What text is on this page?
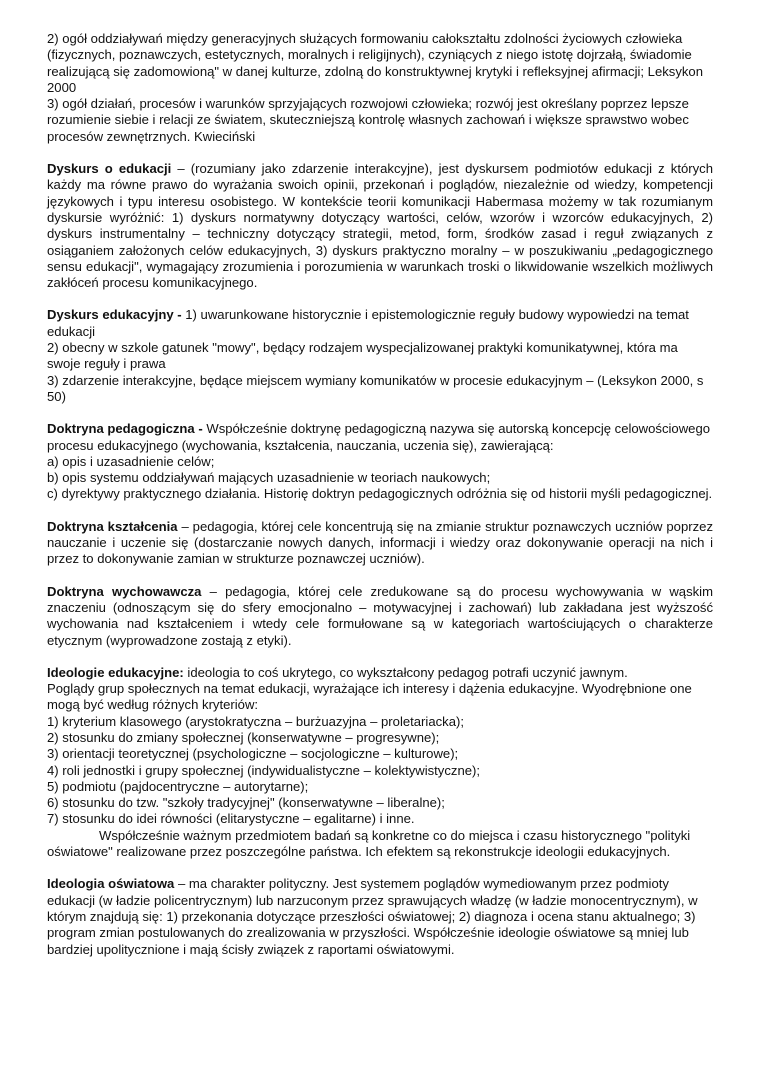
2) ogół oddziaływań między generacyjnych służących formowaniu całokształtu zdolności życiowych człowieka (fizycznych, poznawczych, estetycznych, moralnych i religijnych), czyniących z niego istotę dojrzałą, świadomie realizującą się zadomowioną" w danej kulturze, zdolną do konstruktywnej krytyki i refleksyjnej afirmacji; Leksykon 2000

3) ogół działań, procesów i warunków sprzyjających rozwojowi człowieka; rozwój jest określany poprzez lepsze rozumienie siebie i relacji ze światem, skuteczniejszą kontrolę własnych zachowań i większe sprawstwo wobec procesów zewnętrznych. Kwieciński

Dyskurs o edukacji – (rozumiany jako zdarzenie interakcyjne), jest dyskursem podmiotów edukacji z których każdy ma równe prawo do wyrażania swoich opinii, przekonań i poglądów, niezależnie od wiedzy, kompetencji językowych i typu interesu osobistego. W kontekście teorii komunikacji Habermasa możemy w tak rozumianym dyskursie wyróżnić: 1) dyskurs normatywny dotyczący wartości, celów, wzorów i wzorców edukacyjnych, 2) dyskurs instrumentalny – techniczny dotyczący strategii, metod, form, środków zasad i reguł związanych z osiąganiem założonych celów edukacyjnych, 3) dyskurs praktyczno moralny – w poszukiwaniu „pedagogicznego sensu edukacji", wymagający zrozumienia i porozumienia w warunkach troski o likwidowanie wszelkich możliwych zakłóceń procesu komunikacyjnego.

Dyskurs edukacyjny - 1) uwarunkowane historycznie i epistemologicznie reguły budowy wypowiedzi na temat edukacji

2) obecny w szkole gatunek "mowy", będący rodzajem wyspecjalizowanej praktyki komunikatywnej, która ma swoje reguły i prawa

3) zdarzenie interakcyjne, będące miejscem wymiany komunikatów w procesie edukacyjnym – (Leksykon 2000, s 50)

Doktryna pedagogiczna - Współcześnie doktrynę pedagogiczną nazywa się autorską koncepcję celowościowego procesu edukacyjnego (wychowania, kształcenia, nauczania, uczenia się), zawierającą:

a) opis i uzasadnienie celów;

b) opis systemu oddziaływań mających uzasadnienie w teoriach naukowych;

c) dyrektywy praktycznego działania. Historię doktryn pedagogicznych odróżnia się od historii myśli pedagogicznej.

Doktryna kształcenia – pedagogia, której cele koncentrują się na zmianie struktur poznawczych uczniów poprzez nauczanie i uczenie się (dostarczanie nowych danych, informacji i wiedzy oraz dokonywanie operacji na nich i przez to dokonywanie zamian w strukturze poznawczej uczniów).

Doktryna wychowawcza – pedagogia, której cele zredukowane są do procesu wychowywania w wąskim znaczeniu (odnoszącym się do sfery emocjonalno – motywacyjnej i zachowań) lub zakładana jest wyższość wychowania nad kształceniem i wtedy cele formułowane są w kategoriach wartościujących o charakterze etycznym (wyprowadzone zostają z etyki).

Ideologie edukacyjne: ideologia to coś ukrytego, co wykształcony pedagog potrafi uczynić jawnym.

Poglądy grup społecznych na temat edukacji, wyrażające ich interesy i dążenia edukacyjne. Wyodrębnione one mogą być według różnych kryteriów:

1) kryterium klasowego (arystokratyczna – burżuazyjna – proletariacka);

2) stosunku do zmiany społecznej (konserwatywne – progresywne);

3) orientacji teoretycznej (psychologiczne – socjologiczne – kulturowe);

4) roli jednostki i grupy społecznej (indywidualistyczne – kolektywistyczne);

5) podmiotu (pajdocentryczne – autorytarne);

6) stosunku do tzw. "szkoły tradycyjnej" (konserwatywne – liberalne);

7) stosunku do idei równości (elitarystyczne – egalitarne) i inne.

Współcześnie ważnym przedmiotem badań są konkretne co do miejsca i czasu historycznego "polityki oświatowe" realizowane przez poszczególne państwa. Ich efektem są rekonstrukcje ideologii edukacyjnych.

Ideologia oświatowa – ma charakter polityczny. Jest systemem poglądów wymediowanym przez podmioty edukacji (w ładzie policentrycznym) lub narzuconym przez sprawujących władzę (w ładzie monocentrycznym), w którym znajdują się: 1) przekonania dotyczące przeszłości oświatowej; 2) diagnoza i ocena stanu aktualnego; 3) program zmian postulowanych do zrealizowania w przyszłości. Współcześnie ideologie oświatowe są mniej lub bardziej upolitycznione i mają ścisły związek z raportami oświatowymi.
